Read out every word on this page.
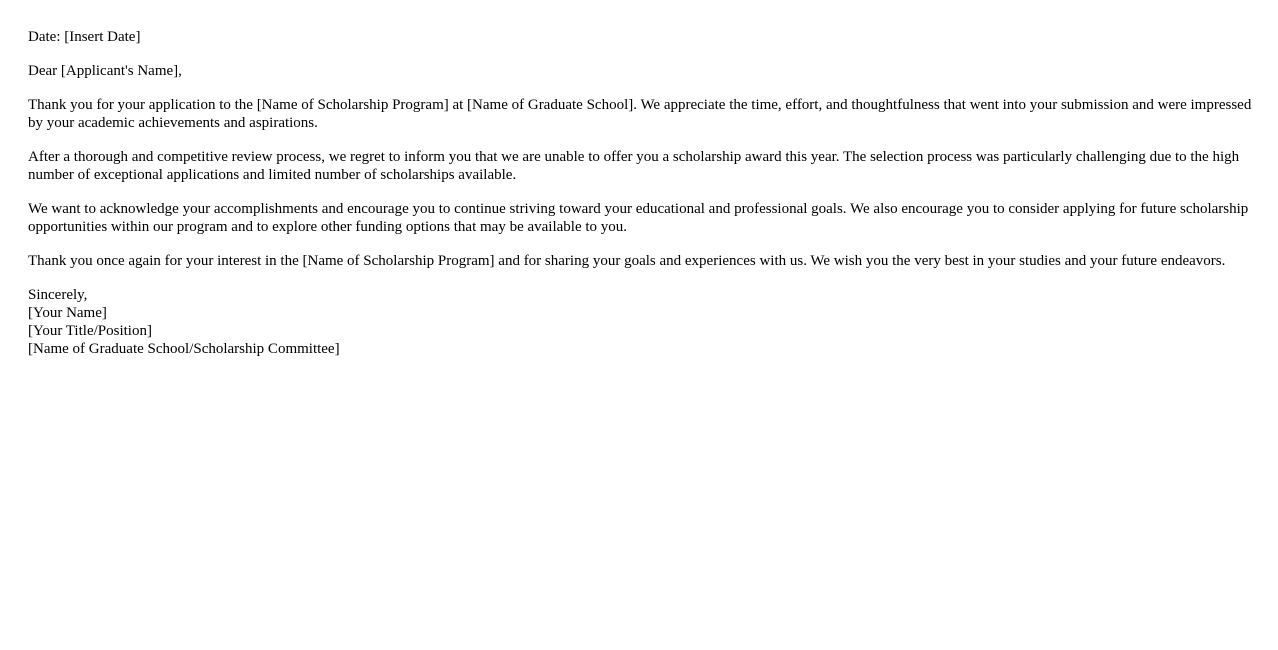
Date: [Insert Date]

Dear [Applicant's Name],

Thank you for your application to the [Name of Scholarship Program] at [Name of Graduate School]. We appreciate the time, effort, and thoughtfulness that went into your submission and were impressed by your academic achievements and aspirations.

After a thorough and competitive review process, we regret to inform you that we are unable to offer you a scholarship award this year. The selection process was particularly challenging due to the high number of exceptional applications and limited number of scholarships available.

We want to acknowledge your accomplishments and encourage you to continue striving toward your educational and professional goals. We also encourage you to consider applying for future scholarship opportunities within our program and to explore other funding options that may be available to you.

Thank you once again for your interest in the [Name of Scholarship Program] and for sharing your goals and experiences with us. We wish you the very best in your studies and your future endeavors.

Sincerely,
[Your Name]
[Your Title/Position]
[Name of Graduate School/Scholarship Committee]
